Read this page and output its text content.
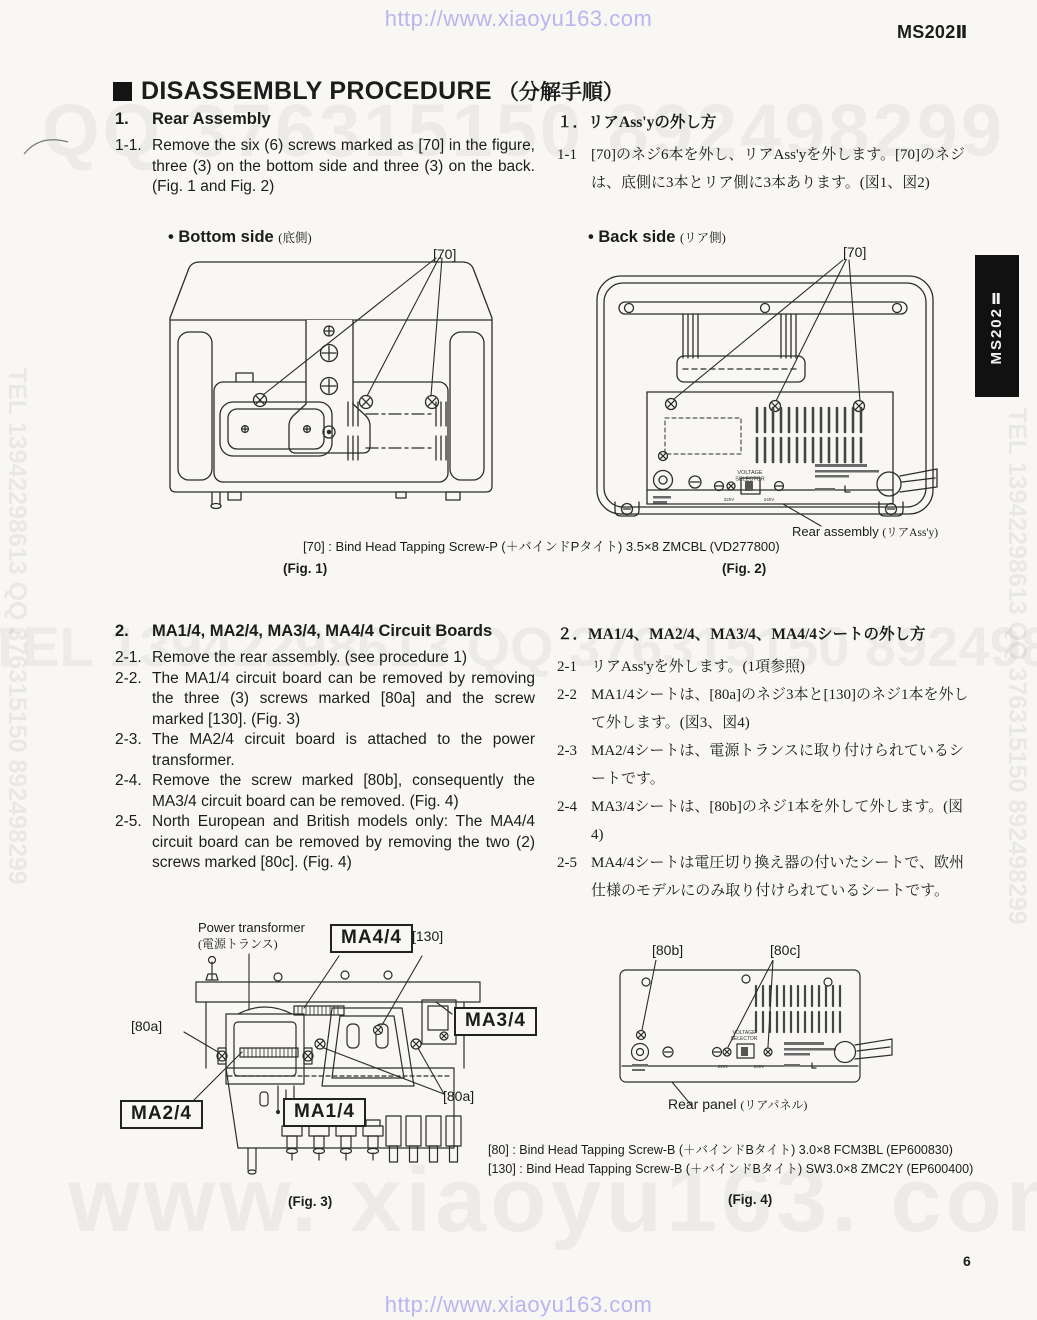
http://www.xiaoyu163.com
http://www.xiaoyu163.com
TEL 13942298613 QQ 376315150 892498299	TEL 13942298613 QQ 376315150 892498299
MS202Ⅱ
MS202Ⅱ
6
DISASSEMBLY PROCEDURE （分解手順）
1.	Rear Assembly
1-1. Remove the six (6) screws marked as [70] in the figure, three (3) on the bottom side and three (3) on the back. (Fig. 1 and Fig. 2)
１．リアAss'yの外し方
1-1 [70]のネジ6本を外し、リアAss'yを外します。[70]のネジは、底側に3本とリア側に3本あります。(図1、図2)
• Bottom side (底側)
[70]
• Back side (リア側)
[70]
VOLTAGE
SELECTOR
220V	240V
Rear assembly (リアAss'y)
[70] : Bind Head Tapping Screw-P (＋バインドPタイト) 3.5×8 ZMCBL (VD277800)
(Fig. 1)	(Fig. 2)
2.	MA1/4, MA2/4, MA3/4, MA4/4 Circuit Boards
2-1. Remove the rear assembly. (see procedure 1)
2-2. The MA1/4 circuit board can be removed by removing the three (3) screws marked [80a] and the screw marked [130]. (Fig. 3)
2-3. The MA2/4 circuit board is attached to the power transformer.
2-4. Remove the screw marked [80b], consequently the MA3/4 circuit board can be removed. (Fig. 4)
2-5. North European and British models only: The MA4/4 circuit board can be removed by removing the two (2) screws marked [80c]. (Fig. 4)
２．MA1/4、MA2/4、MA3/4、MA4/4シートの外し方
2-1 リアAss'yを外します。(1項参照)
2-2 MA1/4シートは、[80a]のネジ3本と[130]のネジ1本を外して外します。(図3、図4)
2-3 MA2/4シートは、電源トランスに取り付けられているシートです。
2-4 MA3/4シートは、[80b]のネジ1本を外して外します。(図4)
2-5 MA4/4シートは電圧切り換え器の付いたシートで、欧州仕様のモデルにのみ取り付けられているシートです。
Power transformer
(電源トランス)	MA4/4 [130]
MA3/4
[80a]
MA2/4	MA1/4
[80a]
(Fig. 3)
VOLTAGE
SELECTOR
220V	240V
[80b]	[80c]
Rear panel (リアパネル)
[80] : Bind Head Tapping Screw-B (＋バインドBタイト) 3.0×8 FCM3BL (EP600830)
[130] : Bind Head Tapping Screw-B (＋バインドBタイト) SW3.0×8 ZMC2Y (EP600400)
(Fig. 4)
